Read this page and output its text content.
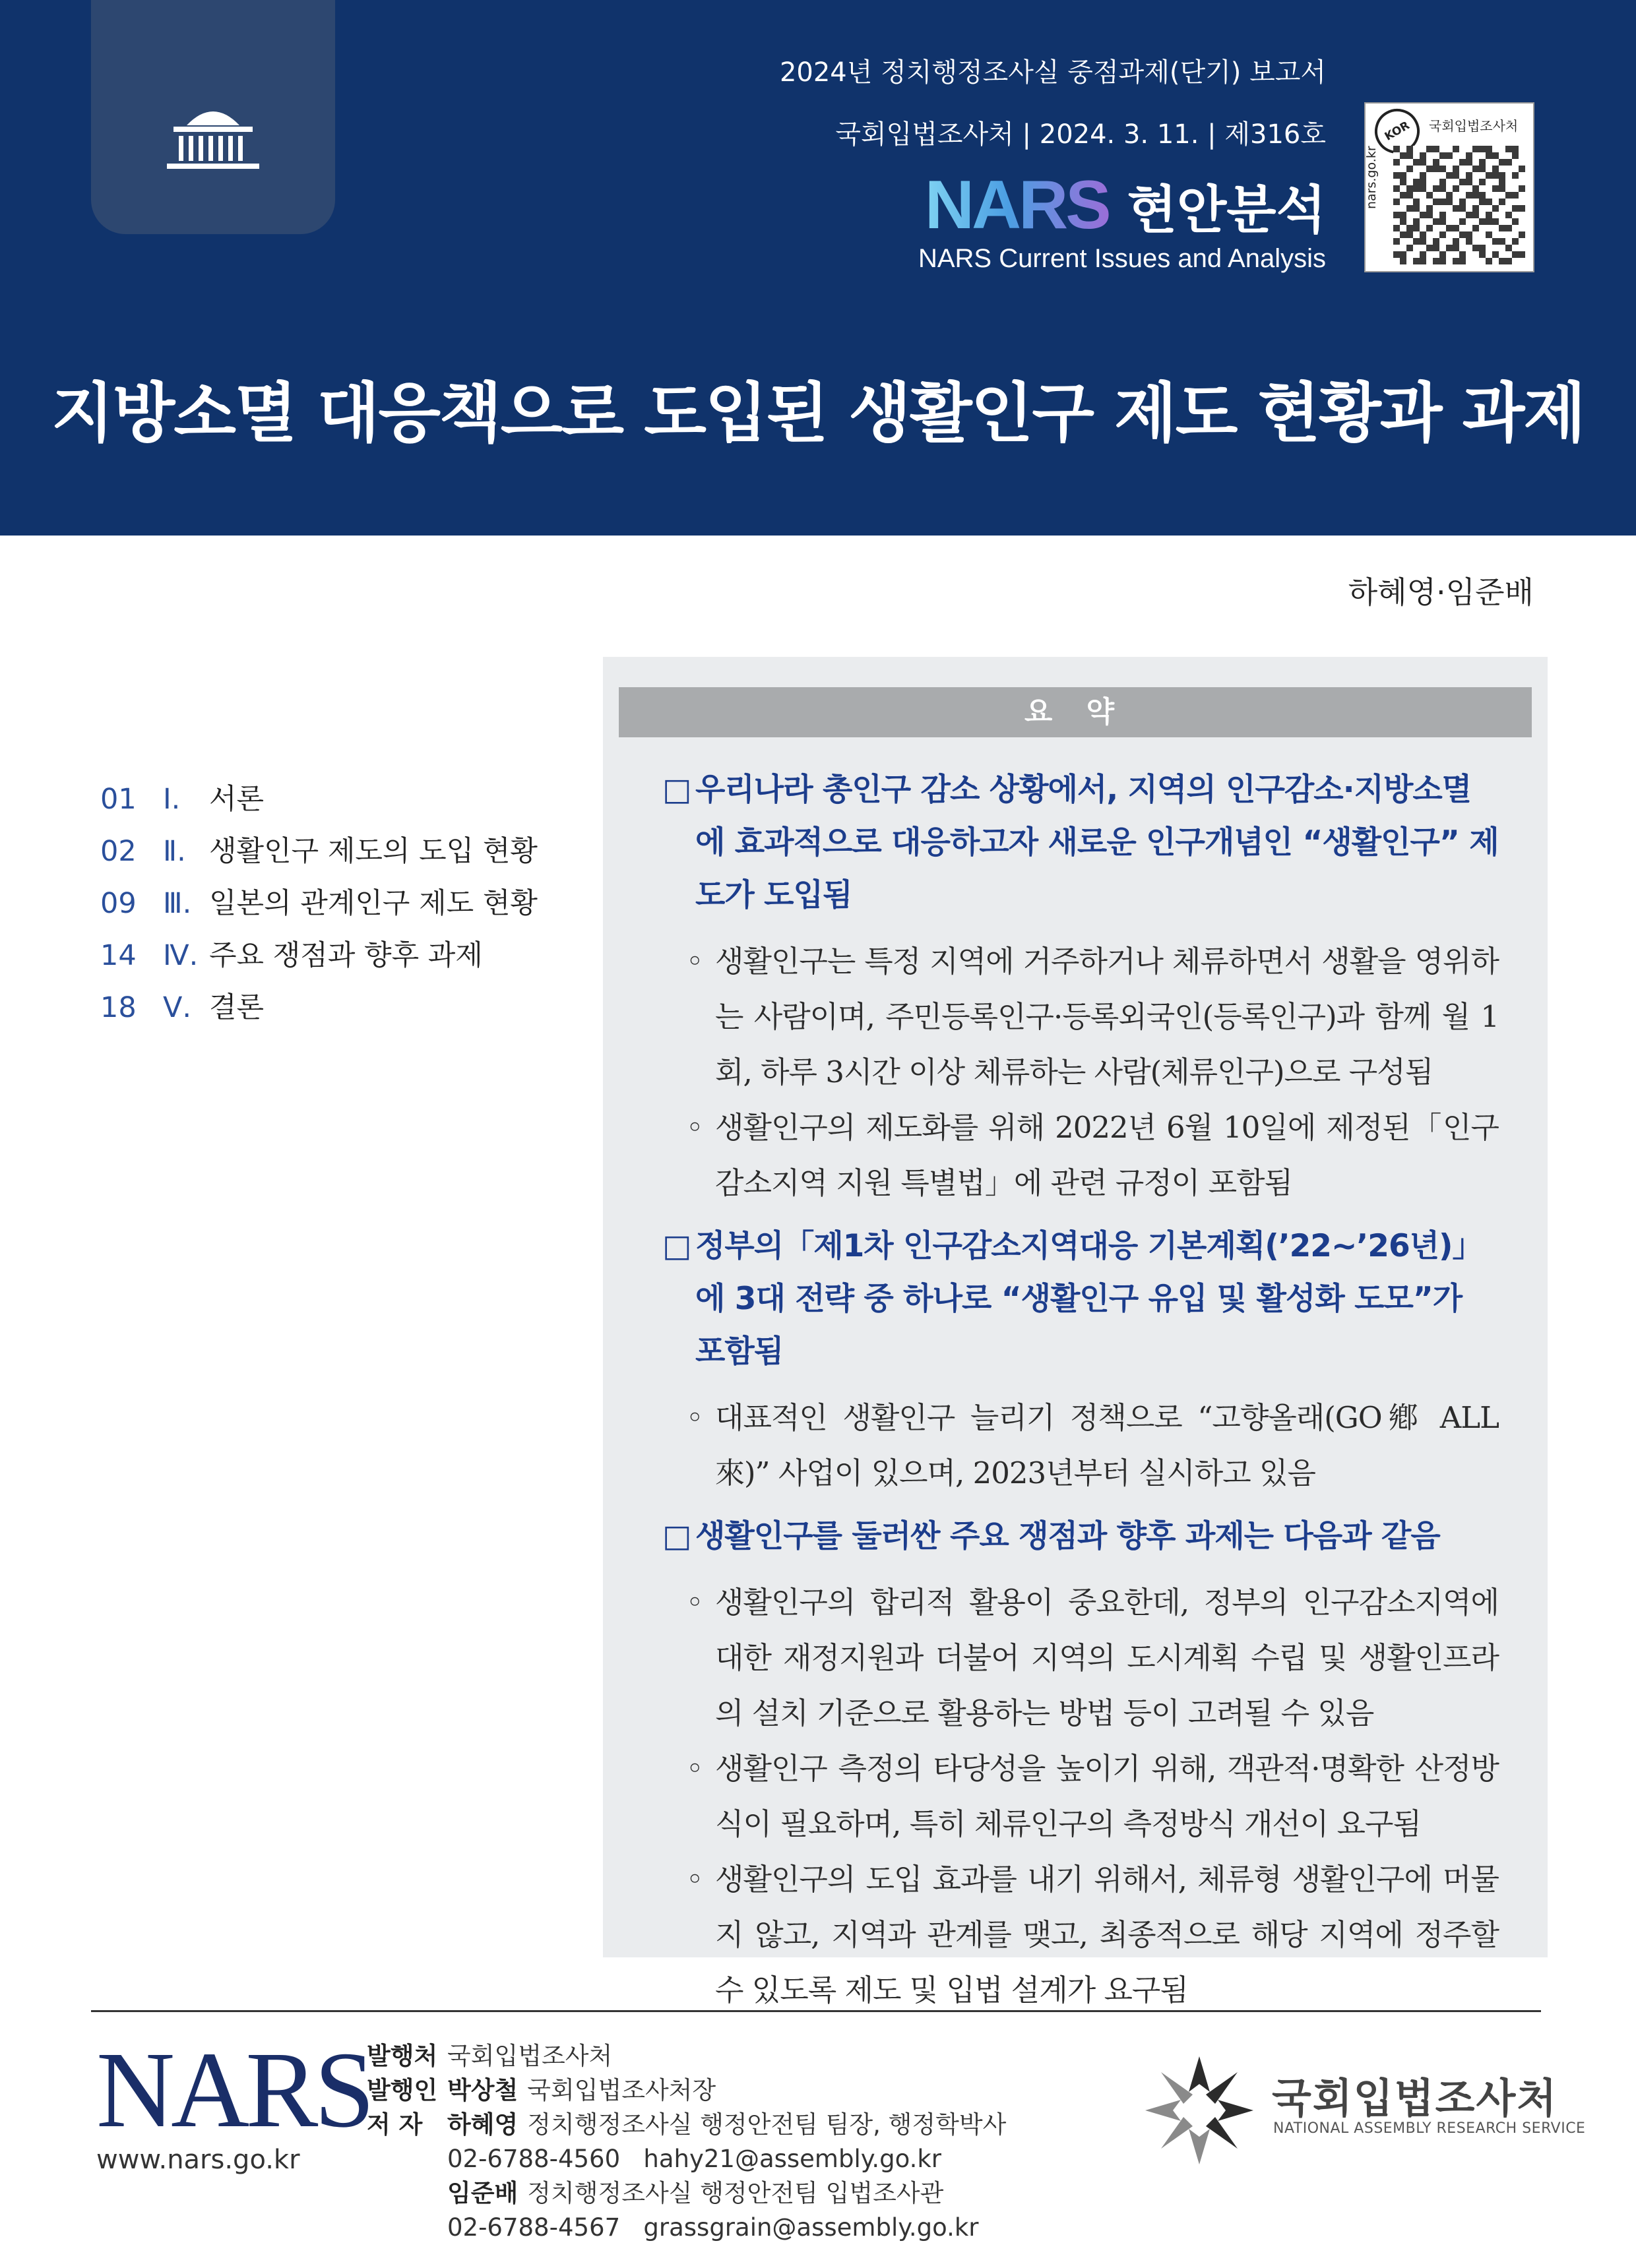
2024년 정치행정조사실 중점과제(단기) 보고서
국회입법조사처 | 2024. 3. 11. | 제316호
NARS 현안분석
NARS Current Issues and Analysis
KOR	국회입법조사처
nars.go.kr
지방소멸 대응책으로 도입된 생활인구 제도 현황과 과제
하혜영·임준배
01 Ⅰ.	서론
02 Ⅱ. 생활인구 제도의 도입 현황
09 Ⅲ. 일본의 관계인구 제도 현황
14 Ⅳ. 주요 쟁점과 향후 과제
18 Ⅴ. 결론
요 약
□ 우리나라 총인구 감소 상황에서, 지역의 인구감소·지방소멸에 효과적으로 대응하고자 새로운 인구개념인 “생활인구” 제도가 도입됨
◦ 생활인구는 특정 지역에 거주하거나 체류하면서 생활을 영위하는 사람이며, 주민등록인구·등록외국인(등록인구)과 함께 월 1회, 하루 3시간 이상 체류하는 사람(체류인구)으로 구성됨
◦ 생활인구의 제도화를 위해 2022년 6월 10일에 제정된「인구감소지역 지원 특별법」에 관련 규정이 포함됨
□ 정부의「제1차 인구감소지역대응 기본계획(’22~’26년)」에 3대 전략 중 하나로 “생활인구 유입 및 활성화 도모”가 포함됨
◦ 대표적인 생활인구 늘리기 정책으로 “고향올래(GO鄕 ALL來)” 사업이 있으며, 2023년부터 실시하고 있음
□ 생활인구를 둘러싼 주요 쟁점과 향후 과제는 다음과 같음
◦ 생활인구의 합리적 활용이 중요한데, 정부의 인구감소지역에 대한 재정지원과 더불어 지역의 도시계획 수립 및 생활인프라의 설치 기준으로 활용하는 방법 등이 고려될 수 있음
◦ 생활인구 측정의 타당성을 높이기 위해, 객관적·명확한 산정방식이 필요하며, 특히 체류인구의 측정방식 개선이 요구됨
◦ 생활인구의 도입 효과를 내기 위해서, 체류형 생활인구에 머물지 않고, 지역과 관계를 맺고, 최종적으로 해당 지역에 정주할 수 있도록 제도 및 입법 설계가 요구됨
NARS
www.nars.go.kr
발행처 국회입법조사처
발행인 박상철 국회입법조사처장
저 자	하혜영 정치행정조사실 행정안전팀 팀장, 행정학박사
02-6788-4560   hahy21@assembly.go.kr
임준배 정치행정조사실 행정안전팀 입법조사관
02-6788-4567   grassgrain@assembly.go.kr
국회입법조사처
NATIONAL ASSEMBLY RESEARCH SERVICE
